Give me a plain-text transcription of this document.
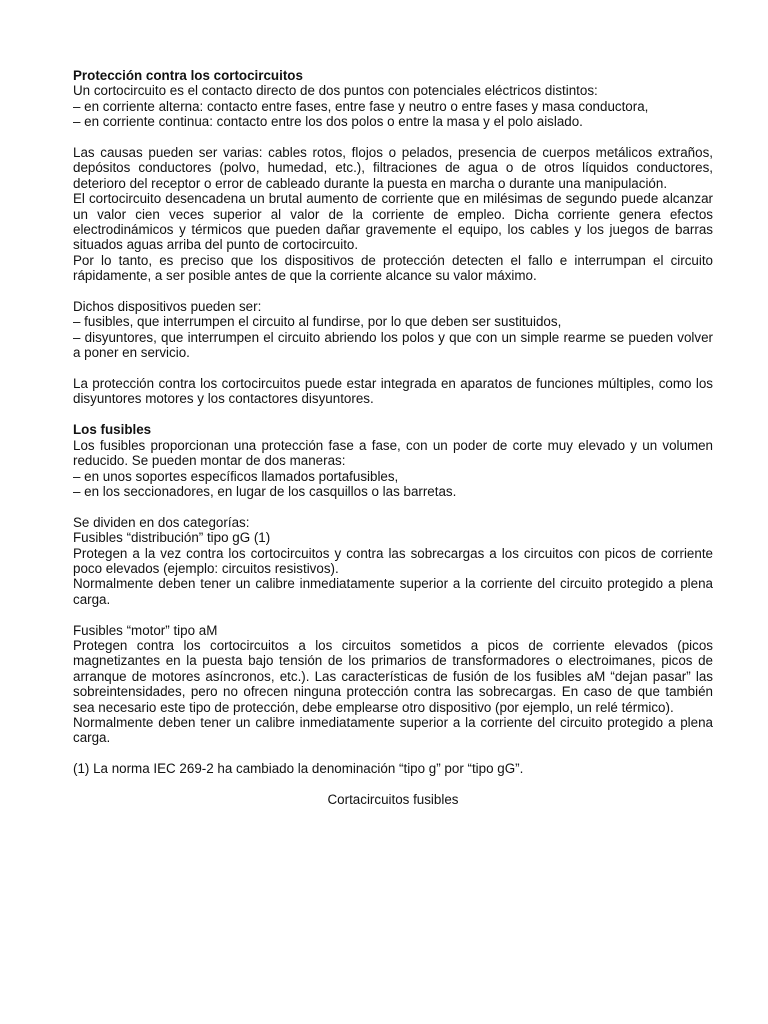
Protección contra los cortocircuitos

Un cortocircuito es el contacto directo de dos puntos con potenciales eléctricos distintos:

– en corriente alterna: contacto entre fases, entre fase y neutro o entre fases y masa conductora,

– en corriente continua: contacto entre los dos polos o entre la masa y el polo aislado.

Las causas pueden ser varias: cables rotos, flojos o pelados, presencia de cuerpos metálicos extraños, depósitos conductores (polvo, humedad, etc.), filtraciones de agua o de otros líquidos conductores, deterioro del receptor o error de cableado durante la puesta en marcha o durante una manipulación.

El cortocircuito desencadena un brutal aumento de corriente que en milésimas de segundo puede alcanzar un valor cien veces superior al valor de la corriente de empleo. Dicha corriente genera efectos electrodinámicos y térmicos que pueden dañar gravemente el equipo, los cables y los juegos de barras situados aguas arriba del punto de cortocircuito.

Por lo tanto, es preciso que los dispositivos de protección detecten el fallo e interrumpan el circuito rápidamente, a ser posible antes de que la corriente alcance su valor máximo.

Dichos dispositivos pueden ser:

– fusibles, que interrumpen el circuito al fundirse, por lo que deben ser sustituidos,

– disyuntores, que interrumpen el circuito abriendo los polos y que con un simple rearme se pueden volver a poner en servicio.

La protección contra los cortocircuitos puede estar integrada en aparatos de funciones múltiples, como los disyuntores motores y los contactores disyuntores.

Los fusibles

Los fusibles proporcionan una protección fase a fase, con un poder de corte muy elevado y un volumen reducido. Se pueden montar de dos maneras:

– en unos soportes específicos llamados portafusibles,

– en los seccionadores, en lugar de los casquillos o las barretas.

Se dividen en dos categorías:

Fusibles “distribución” tipo gG (1)

Protegen a la vez contra los cortocircuitos y contra las sobrecargas a los circuitos con picos de corriente poco elevados (ejemplo: circuitos resistivos).

Normalmente deben tener un calibre inmediatamente superior a la corriente del circuito protegido a plena carga.

Fusibles “motor” tipo aM

Protegen contra los cortocircuitos a los circuitos sometidos a picos de corriente elevados (picos magnetizantes en la puesta bajo tensión de los primarios de transformadores o electroimanes, picos de arranque de motores asíncronos, etc.). Las características de fusión de los fusibles aM “dejan pasar” las sobreintensidades, pero no ofrecen ninguna protección contra las sobrecargas. En caso de que también sea necesario este tipo de protección, debe emplearse otro dispositivo (por ejemplo, un relé térmico).

Normalmente deben tener un calibre inmediatamente superior a la corriente del circuito protegido a plena carga.

(1) La norma IEC 269-2 ha cambiado la denominación “tipo g” por “tipo gG”.

Cortacircuitos fusibles
